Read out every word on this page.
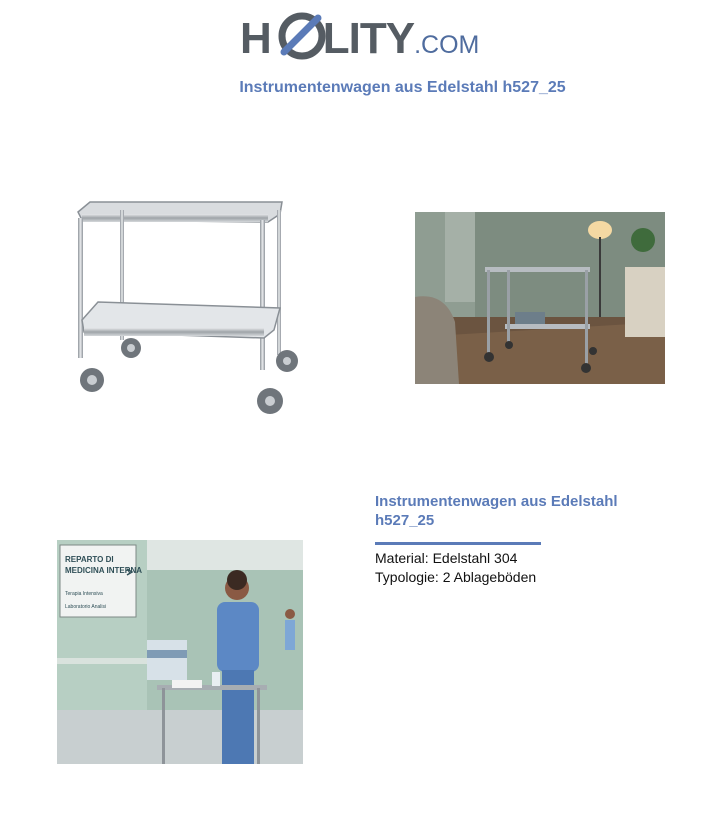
H LITY.COM
Instrumentenwagen aus Edelstahl h527_25
REPARTO DI
MEDICINA INTERNA
Terapia Intensiva
Laboratorio Analisi
Instrumentenwagen aus Edelstahl h527_25
Material: Edelstahl 304
Typologie: 2 Ablageböden
